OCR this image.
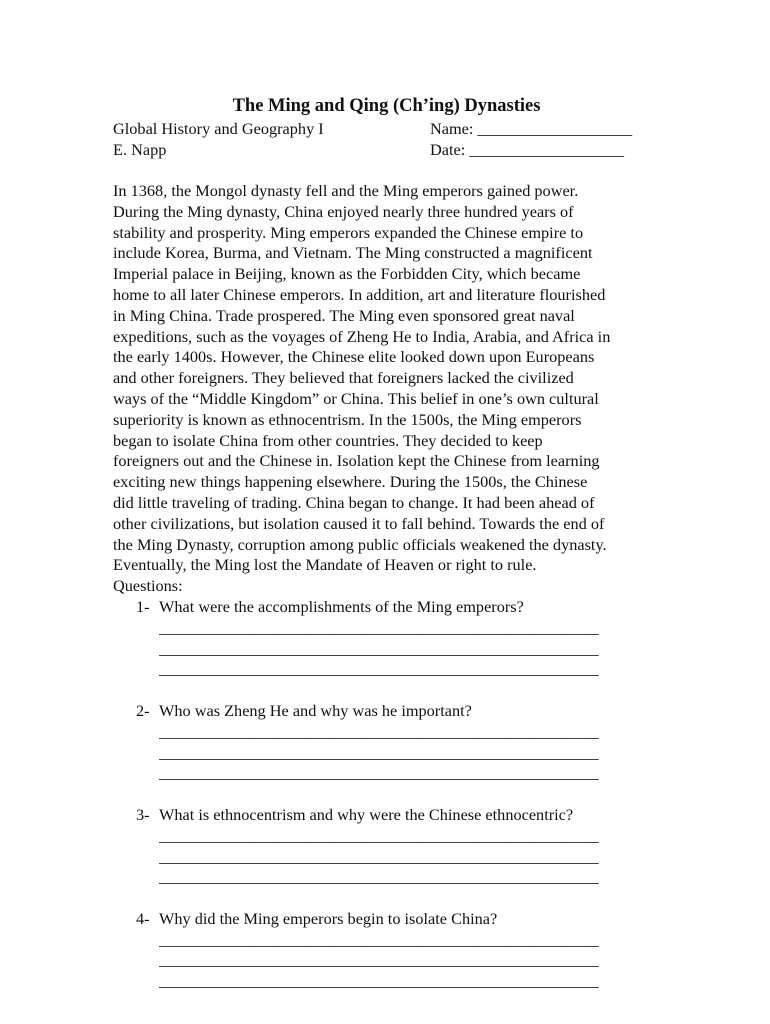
The Ming and Qing (Ch’ing) Dynasties
Global History and Geography I	Name: ___________________
E. Napp	Date: ___________________
In 1368, the Mongol dynasty fell and the Ming emperors gained power.
During the Ming dynasty, China enjoyed nearly three hundred years of
stability and prosperity. Ming emperors expanded the Chinese empire to
include Korea, Burma, and Vietnam. The Ming constructed a magnificent
Imperial palace in Beijing, known as the Forbidden City, which became
home to all later Chinese emperors. In addition, art and literature flourished
in Ming China. Trade prospered. The Ming even sponsored great naval
expeditions, such as the voyages of Zheng He to India, Arabia, and Africa in
the early 1400s. However, the Chinese elite looked down upon Europeans
and other foreigners. They believed that foreigners lacked the civilized
ways of the “Middle Kingdom” or China. This belief in one’s own cultural
superiority is known as ethnocentrism. In the 1500s, the Ming emperors
began to isolate China from other countries. They decided to keep
foreigners out and the Chinese in. Isolation kept the Chinese from learning
exciting new things happening elsewhere. During the 1500s, the Chinese
did little traveling of trading. China began to change. It had been ahead of
other civilizations, but isolation caused it to fall behind. Towards the end of
the Ming Dynasty, corruption among public officials weakened the dynasty.
Eventually, the Ming lost the Mandate of Heaven or right to rule.
Questions:
1- What were the accomplishments of the Ming emperors?
______________________________________________________
______________________________________________________
______________________________________________________
2- Who was Zheng He and why was he important?
______________________________________________________
______________________________________________________
______________________________________________________
3- What is ethnocentrism and why were the Chinese ethnocentric?
______________________________________________________
______________________________________________________
______________________________________________________
4- Why did the Ming emperors begin to isolate China?
______________________________________________________
______________________________________________________
______________________________________________________
